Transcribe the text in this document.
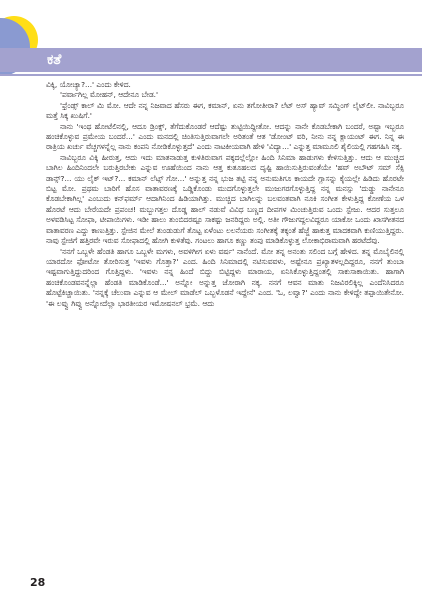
ಕತೆ

ವಿಕ್ಕಿ, ಯೋಚ್ಯಾ?...' ಎಂದು ಕೇಳಿದ.

'ಪರ್ವಾಗಿಲ್ಲ ಮೋಹನ್, ಆದೇನೂ ಬೇಡ.'

'ಫ್ರೆಂಡ್ಸ್ ಕಾಲ್ ಮಿ ಮೋ. ಆದೇ ನನ್ನ ನಿಜವಾದ ಹೆಸರು ಈಗ, ಕಮಾನ್, ಏನು ತಗೋತೀರಾ? ಲೆಟ್ ಅಸ್ ಹ್ಯಾವ್ ಸಮ್ಥಿಂಗ್ ಲೈಟ್‌ಲೀ. ನಾವಿಬ್ಬರೂ ಮತ್ತೆ ಸಿಕ್ಕ ಖುಷಿಗೆ.'

ನಾನು 'ಇಂಥ ಹೋಟೆಲಿನಲ್ಲಿ, ಆದೂ ಡ್ರಿಂಕ್ಸ್, ತೆಗೆದುಕೊಂಡರೆ ಆದೆಷ್ಟು ತುಟ್ಟಿಯಿದ್ದೀತೋ. ಆದನ್ನು ನಾನೇ ಕೊಡಬೇಕಾಗಿ ಬಂದರೆ, ಅಷ್ಟಾ ಇಬ್ಬರೂ ಹಂಚಿಕೊಳ್ಳುವ ಪ್ರಮೇಯ ಬಂದರೆ...' ಎಂದು ಮನದಲ್ಲಿ ಚಿಂತಿಸುತ್ತಿರುವಾಗಲೇ ಅರಿತಂತೆ ಆತ 'ಡೋಂಟ್ ವರಿ, ನೀನು ನನ್ನ ಕ್ಲಾಯಂಟ್ ಈಗ. ನಿನ್ನ ಈ ರಾತ್ರಿಯ ಖರ್ಚು ವೆಚ್ಚಗಳನ್ನೆಲ್ಲ ನಾನು ಕಂಪನಿ ನೋಡಿಕೊಳ್ಳುತ್ತದೆ' ಎಂದು ನಾಟಕೀಯವಾಗಿ ಹೇಳಿ 'ವಿದ್ಯಾ...' ಎನ್ನುತ್ತ ಮಾಮೂಲಿ ಶೈಲಿಯಲ್ಲಿ ಗಹಗಹಿಸಿ ನಕ್ಕ.

ನಾವಿಬ್ಬರೂ ವಿಕ್ಕಿ ಹೀರುತ್ತ, ಆದು ಇದು ಮಾತನಾಡುತ್ತ ಕುಳಿತಿರುವಾಗ ಪಕ್ಕದಲ್ಲೆಲ್ಲೋ ಹಿಂದಿ ಸಿನಿಮಾ ಹಾಡುಗಳು ಕೇಳಿಸುತ್ತಿತ್ತು. ಆದು ಆ ಮುಚ್ಚಿದ ಬಾಗಿಲ ಹಿಂದಿನಿಂದಲೇ ಬರುತ್ತಿರಬೇಕು ಎನ್ನುವ ಊಹೆಯಿಂದ ನಾನು ಆತ್ತ ಕುತೂಹಲದ ದೃಷ್ಟಿ ಹಾಯಿಸುತ್ತಿರುವಂತೆಯೇ 'ಹವ್ ಅಬೌಟ್ ಸಮ್ ಸೆಕ್ಸಿ ಡಾನ್ಸ್?... ಯು ಲೈಕ್ ಇಟ್?... ಕಮಾನ್ ಲೆಟ್ಸ್ ಗೋ...' ಅನ್ನುತ್ತ ನನ್ನ ಭುಜ ತಟ್ಟಿ ನನ್ನ ಅನುಮತಿಗೂ ಕಾಯದೇ ಗ್ಲಾಸನ್ನು ಕೈಯಲ್ಲೇ ಹಿಡಿದು ಹೊರಟೇ ಬಿಟ್ಟ ಮೋ. ಪ್ರಥಮ ಬಾರಿಗೆ ಹೊಸ ವಾತಾವರಣಕ್ಕೆ ಒಡ್ಡಿಕೊಂಡು ಮುದಗೊಳ್ಳುತ್ತಲೇ ಮುಜುಗರಗೊಳ್ಳುತ್ತಿದ್ದ ನನ್ನ ಮನಸ್ಸು 'ದುಡ್ಡು ನಾನೇನೂ ಕೊಡಬೇಕಾಗಿಲ್ಲ' ಎಂಬುದು ಕನ್‌ಫರ್ಮ್ ಆದಾಗಿನಿಂದ ಹಿಡಿಯಾಗಿತ್ತು. ಮುಚ್ಚಿದ ಬಾಗಿಲನ್ನು ಬಲವಂತವಾಗಿ ನೂಕಿ ಸಂಗೀತ ಕೇಳುತ್ತಿದ್ದ ಕೋಣೆಯ ಒಳ ಹೊರಟೆ ಆದು ಬೇರೆಯದೇ ಪ್ರಪಂಚ! ಮಬ್ಬುಗತ್ತಲ ದೊಡ್ಡ ಹಾಲ್ ನಡುವೆ ವಿವಿಧ ಬಣ್ಣದ ದೀಪಗಳ ಮಿಂಚುತ್ತಿರುವ ಒಂದು ಸ್ಟೇಜು. ಆದರ ಸುತ್ತಲೂ ಅಳವಡಿಸಿಟ್ಟ ಸೋಫಾ, ಟೀಪಾಯಿಗಳು. ಇಡೀ ಹಾಲು ತುಂಬಿದರಷ್ಟೂ ಸಾಕಷ್ಟು ಜನರಿದ್ದರು ಅಲ್ಲಿ. ಅತೀ ಗೌಜುಗದ್ದಲವಿದ್ದರೂ ಯಾಕೋ ಒಂದು ಖಾಸಗೀತನದ ವಾತಾವರಣ ಎದ್ದು ಕಾಣುತ್ತಿತ್ತು. ಸ್ಟೇಜಿನ ಮೇಲೆ ತುಂಡುಡುಗೆ ತೊಟ್ಟ ಏಳೆಂಟು ಲಲನೆಯರು ಸಂಗೀತಕ್ಕೆ ತಕ್ಕಂತೆ ಹೆಜ್ಜೆ ಹಾಕುತ್ತ ಮಾದಕವಾಗಿ ಕುಣಿಯುತ್ತಿದ್ದರು. ನಾವು ಸ್ಟೇಜಿಗೆ ಹತ್ತಿರವೇ ಇರುವ ಸೋಫಾದಲ್ಲಿ ಹೋಗಿ ಕುಳಿತೆವು. ಗಂಟಲು ಹಾಗೂ ಕಣ್ಣು ತಂಪು ಮಾಡಿಕೊಳ್ಳುತ್ತ ಲೋಕಾಭಿರಾಮವಾಗಿ ಹರಟೆದೆವು.

'ನನಗೆ ಒಬ್ಬಳೇ ಹೆಂಡತಿ ಹಾಗೂ ಒಬ್ಬಳೇ ಮಗಳು, ಅವಳಿಗೀಗ ಏಳು ವರ್ಷ' ನಾನೆಂದೆ. ಮೋ ತನ್ನ ಅನಂತು ಸಲಿಂದ ಬಗ್ಗೆ ಹೇಳಿದ. ತನ್ನ ಮೊಬೈಲಿನಲ್ಲಿ ಯಾರದೋ ಫೋಟೋ ತೋರಿಸುತ್ತ 'ಇವಳು ಗೊತ್ತಾ?' ಎಂದ. ಹಿಂದಿ ಸಿನಿಮಾದಲ್ಲಿ ನಟಿಸುವವಳು, ಅಷ್ಟೇನೂ ಪ್ರಖ್ಯಾತಳಲ್ಲದಿದ್ದರೂ, ನನಗೆ ತುಂಬಾ ಇಷ್ಟವಾಗುತ್ತಿದ್ದುದರಿಂದ ಗೊತ್ತಿದ್ದಳು. 'ಇವಳು ನನ್ನ ಹಿಂದೆ ಬಿದ್ದು ಬಿಟ್ಟಿದ್ದಳು ಮಾರಾಯ, ಏನಿಸಿಕೊಳ್ಳುತ್ತಿದ್ದಂತಲ್ಲಿ ಸಾಕುಸಾಕಾಯಿತು. ಹಾಗಾಗಿ ಹಂಚಿಕೊಂಡವನನ್ನೆಲ್ಲಾ ಹೆಂಡತಿ ಮಾಡಿಕೊಂಡೆ...' ಅನ್ನೋ ಅನ್ನುತ್ತ ಜೋರಾಗಿ ನಕ್ಕ. ನನಗೆ ಆವನ ಮಾತು ನಿಜವಿರಲಿಕ್ಕಿಲ್ಲ ಎಂದೆನಿಸಿದರೂ ಹೊಟ್ಟೆಕಿಚ್ಚಾಯಿತು. 'ನನ್ನಕ್ಕೆ ಚೆಲುವಾ ಎನ್ನುವ ಆ ಮೇಲ್ ಮಾಡೆಲ್ ಒಬ್ಬಳೊಡನೆ ಇದ್ದೇನೆ' ಎಂದ. 'ಓ, ಲವ್ವಾ?' ಎಂದು ನಾನು ಕೇಳಿದ್ದೇ ತಪ್ಪಾಯಿತೇನೋ. 'ಈ ಲವ್ವು ಗಿವ್ವು ಅನ್ನೋದೆಲ್ಲಾ ಭಾರತೀಯರ ಇಮೋಷನಲ್ ಭ್ರಮೆ. ಆದು

28
